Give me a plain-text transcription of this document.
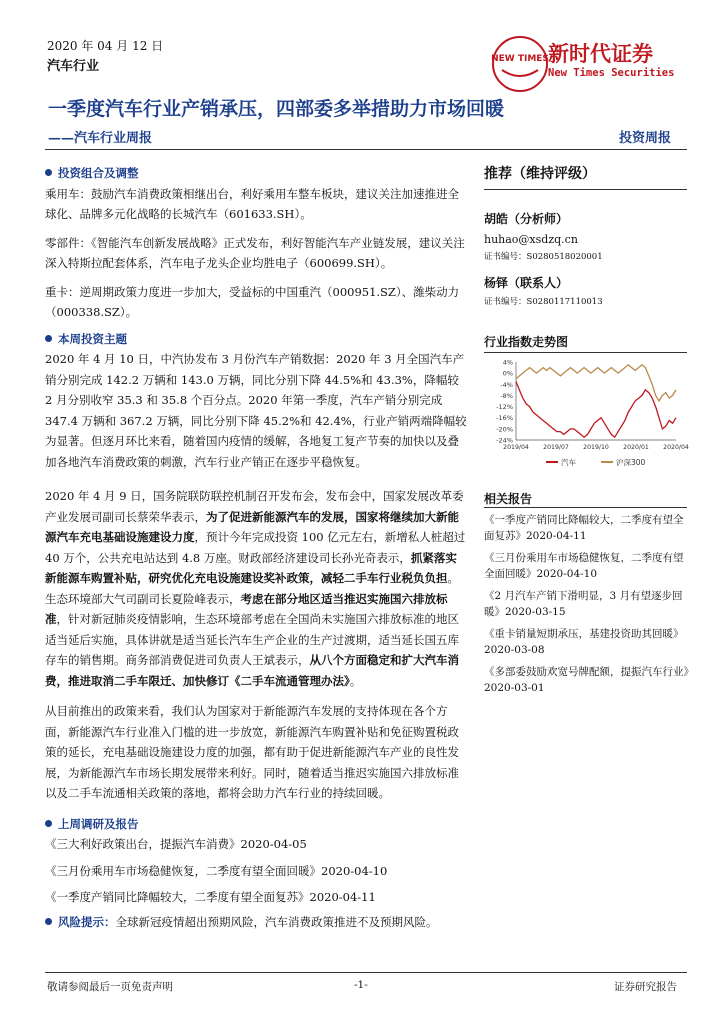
2020 年 04 月 12 日
汽车行业	NEW TIMES 新时代证券
New Times Securities
一季度汽车行业产销承压，四部委多举措助力市场回暖
——汽车行业周报	投资周报

投资组合及调整

乘用车：鼓励汽车消费政策相继出台，利好乘用车整车板块，建议关注加速推进全球化、品牌多元化战略的长城汽车（601633.SH）。

零部件：《智能汽车创新发展战略》正式发布，利好智能汽车产业链发展，建议关注深入特斯拉配套体系，汽车电子龙头企业均胜电子（600699.SH）。

重卡：逆周期政策力度进一步加大，受益标的中国重汽（000951.SZ）、潍柴动力（000338.SZ）。

本周投资主题

2020 年 4 月 10 日，中汽协发布 3 月份汽车产销数据：2020 年 3 月全国汽车产销分别完成 142.2 万辆和 143.0 万辆，同比分别下降 44.5%和 43.3%，降幅较 2 月分别收窄 35.3 和 35.8 个百分点。2020 年第一季度，汽车产销分别完成 347.4 万辆和 367.2 万辆，同比分别下降 45.2%和 42.4%，行业产销两端降幅较为显著。但逐月环比来看，随着国内疫情的缓解，各地复工复产节奏的加快以及叠加各地汽车消费政策的刺激，汽车行业产销正在逐步平稳恢复。

2020 年 4 月 9 日，国务院联防联控机制召开发布会，发布会中，国家发展改革委产业发展司副司长蔡荣华表示，为了促进新能源汽车的发展，国家将继续加大新能源汽车充电基础设施建设力度，预计今年完成投资 100 亿元左右，新增私人桩超过 40 万个，公共充电站达到 4.8 万座。财政部经济建设司长孙光奇表示，抓紧落实新能源车购置补贴，研究优化充电设施建设奖补政策，减轻二手车行业税负负担。生态环境部大气司副司长夏险峰表示，考虑在部分地区适当推迟实施国六排放标准，针对新冠肺炎疫情影响，生态环境部考虑在全国尚未实施国六排放标准的地区适当延后实施，具体讲就是适当延长汽车生产企业的生产过渡期，适当延长国五库存车的销售期。商务部消费促进司负责人王斌表示，从八个方面稳定和扩大汽车消费，推进取消二手车限迁、加快修订《二手车流通管理办法》。

从目前推出的政策来看，我们认为国家对于新能源汽车发展的支持体现在各个方面，新能源汽车行业准入门槛的进一步放宽，新能源汽车购置补贴和免征购置税政策的延长，充电基础设施建设力度的加强，都有助于促进新能源汽车产业的良性发展，为新能源汽车市场长期发展带来利好。同时，随着适当推迟实施国六排放标准以及二手车流通相关政策的落地，都将会助力汽车行业的持续回暖。

上周调研及报告

《三大利好政策出台，提振汽车消费》2020-04-05

《三月份乘用车市场稳健恢复，二季度有望全面回暖》2020-04-10

《一季度产销同比降幅较大，二季度有望全面复苏》2020-04-11

风险提示：全球新冠疫情超出预期风险，汽车消费政策推进不及预期风险。

推荐（维持评级）
胡皓（分析师）
huhao@xsdzq.cn
证书编号：S0280518020001
杨铎（联系人）
证书编号：S0280117110013
行业指数走势图
4%
0%
-4%
-8%
-12%
-16%
-20%
-24%
2019/04 2019/07 2019/10 2020/01 2020/04
汽车	沪深300
相关报告

《一季度产销同比降幅较大，二季度有望全面复苏》2020-04-11

《三月份乘用车市场稳健恢复，二季度有望全面回暖》2020-04-10

《2 月汽车产销下滑明显，3 月有望逐步回暖》2020-03-15

《重卡销量短期承压，基建投资助其回暖》2020-03-08

《多部委鼓励欢宽号牌配额，提振汽车行业》2020-03-01

敬请参阅最后一页免责声明	-1-	证券研究报告
